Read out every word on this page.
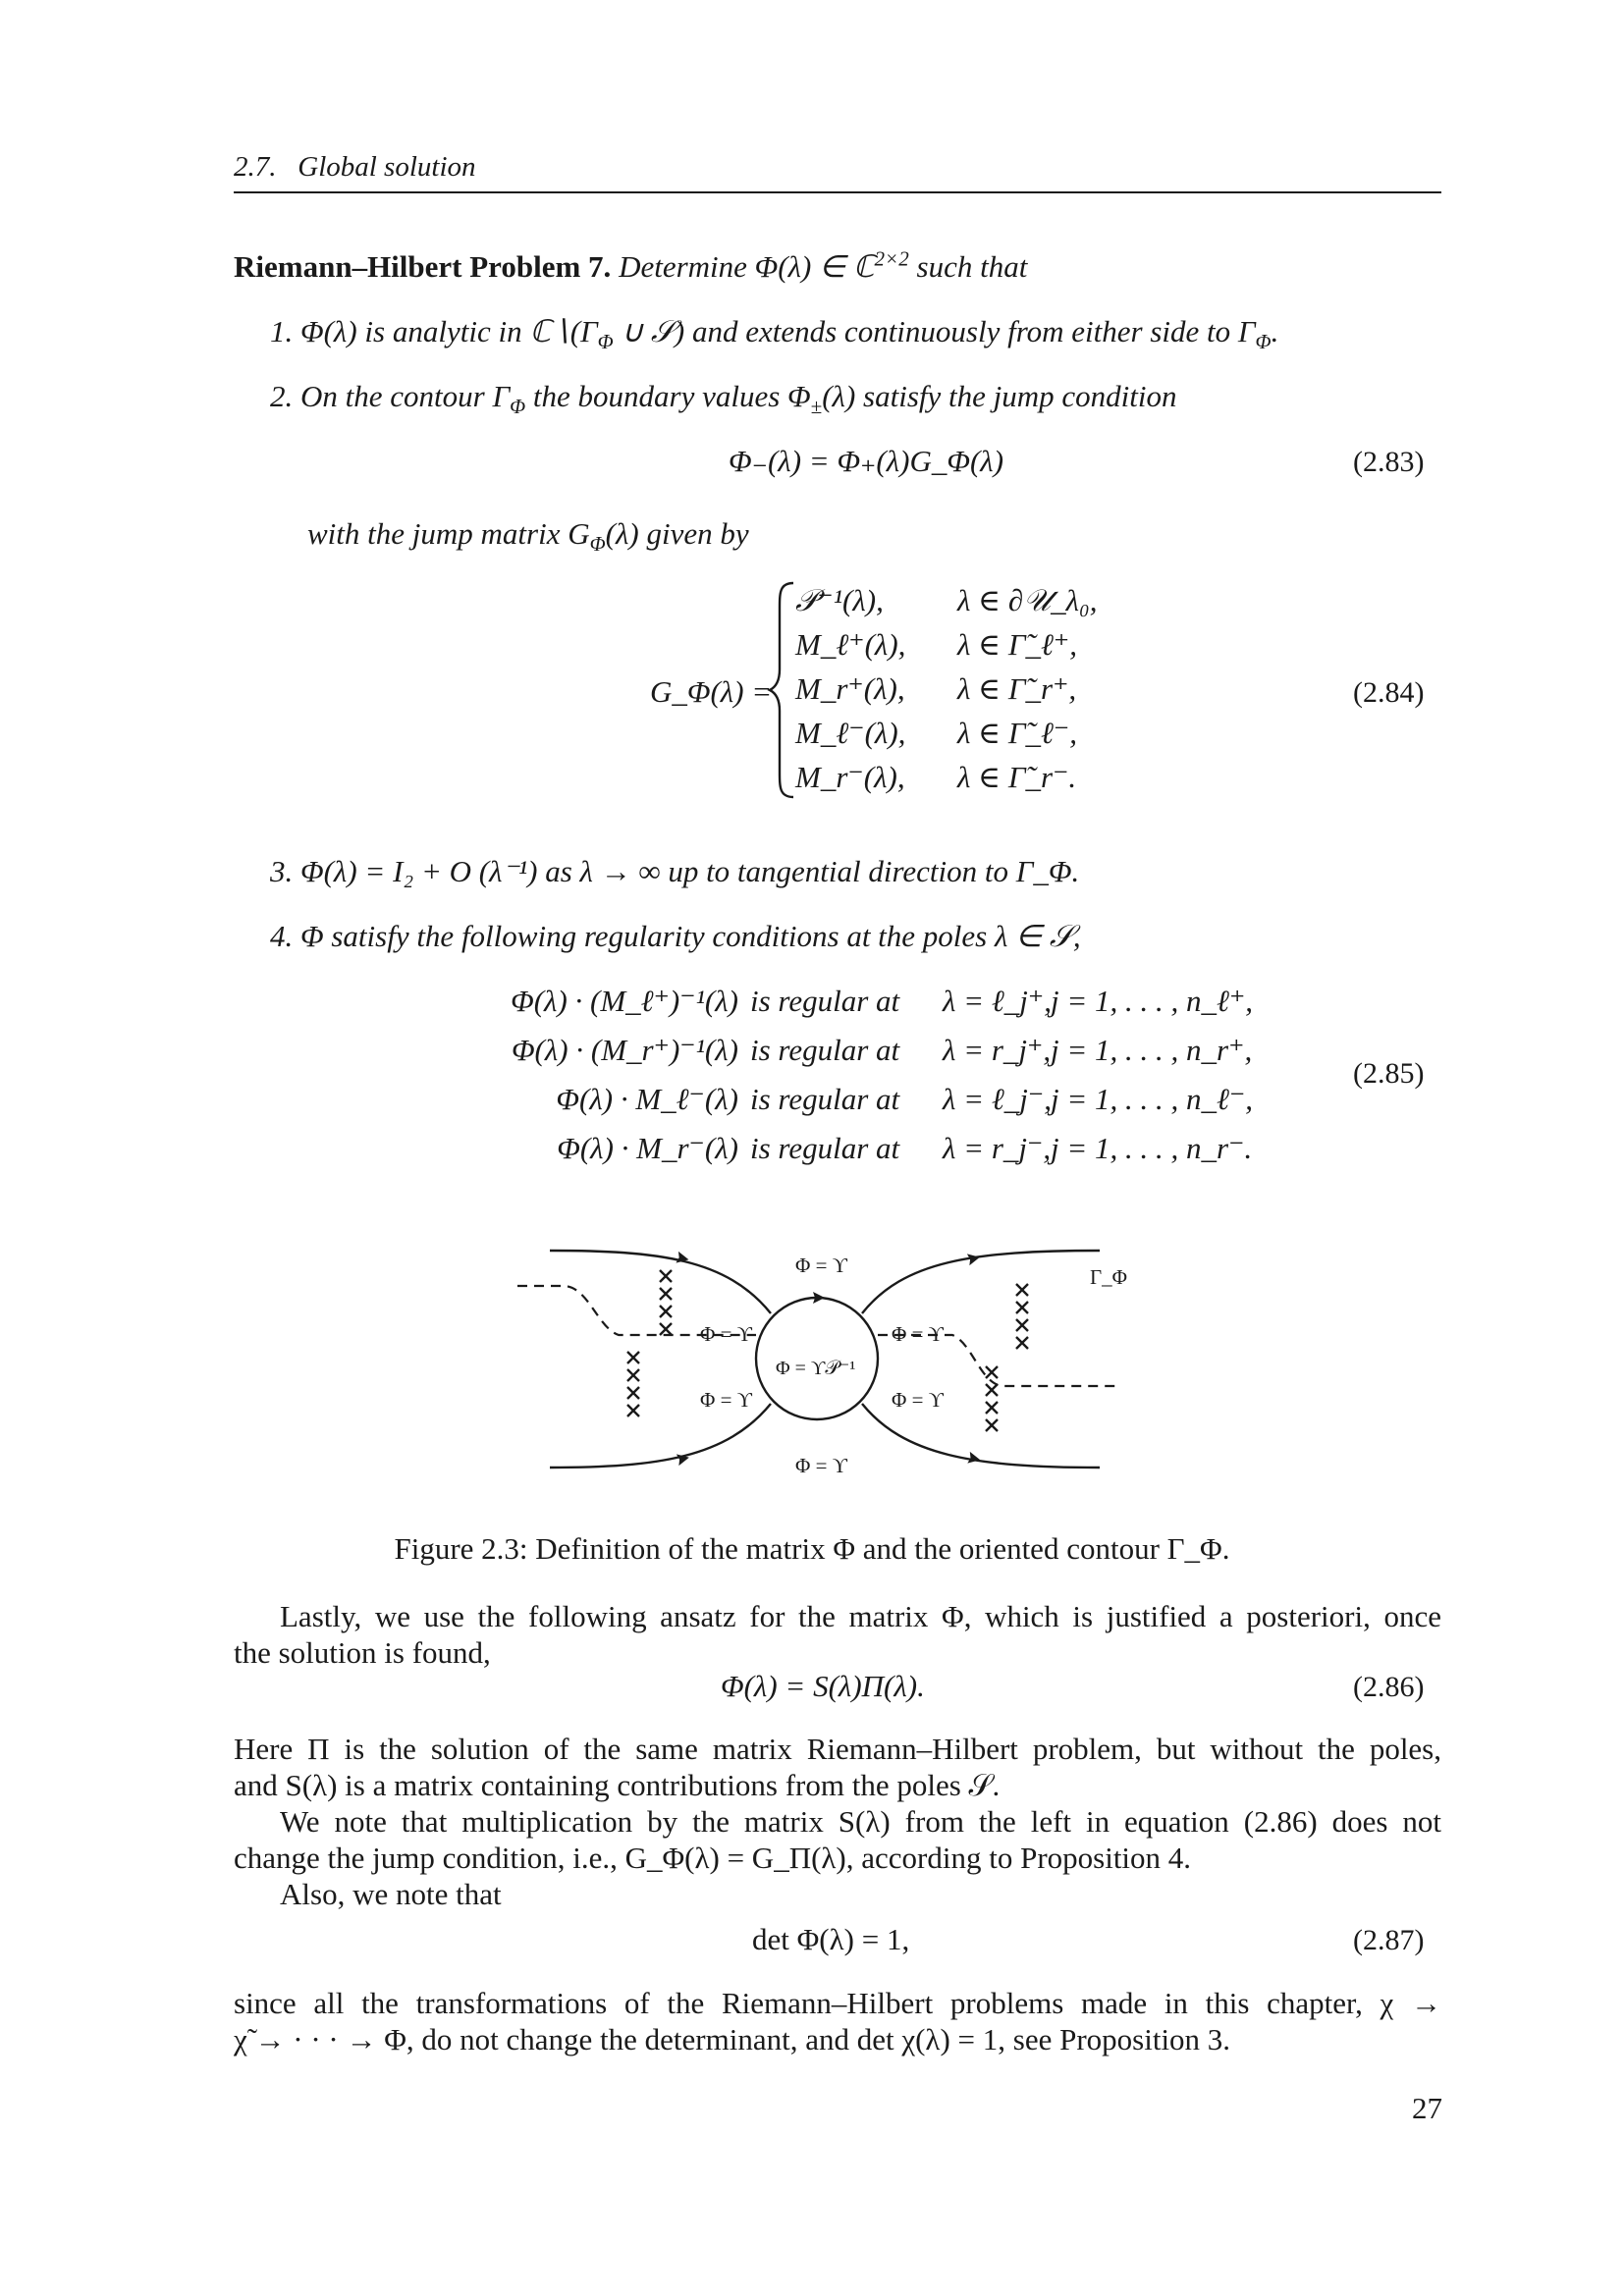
2.7.   Global solution
Riemann–Hilbert Problem 7. Determine Φ(λ) ∈ ℂ$^{2\times 2}$ such that
1. Φ(λ) is analytic in $ℂ∖(\Gamma_\Phi$ ∪ 𝒮) and extends continuously from either side to $\Gamma_\Phi$.
2. On the contour $\Gamma_\Phi$ the boundary values $\Phi_\pm(\lambda)$ satisfy the jump condition
Φ₋(λ) = Φ₊(λ)G_Φ(λ)	(2.83)
with the jump matrix $G_\Phi(\lambda)$ given by
G_Φ(λ) =
𝒫⁻¹(λ), λ ∈ ∂𝒰_λ₀,
M_ℓ⁺(λ), λ ∈ Γ̃_ℓ⁺,
M_r⁺(λ), λ ∈ Γ̃_r⁺,
M_ℓ⁻(λ), λ ∈ Γ̃_ℓ⁻,
M_r⁻(λ), λ ∈ Γ̃_r⁻.
(2.84)
3. Φ(λ) = I₂ + O (λ⁻¹) as λ → ∞ up to tangential direction to Γ_Φ.
4. Φ satisfy the following regularity conditions at the poles λ ∈ 𝒮,
Φ(λ) · (M_ℓ⁺)⁻¹(λ) is regular at λ = ℓ_j⁺, j = 1, . . . , n_ℓ⁺,
Φ(λ) · (M_r⁺)⁻¹(λ) is regular at λ = r_j⁺, j = 1, . . . , n_r⁺,
Φ(λ) · M_ℓ⁻(λ) is regular at λ = ℓ_j⁻, j = 1, . . . , n_ℓ⁻,
Φ(λ) · M_r⁻(λ) is regular at λ = r_j⁻, j = 1, . . . , n_r⁻.
(2.85)
Φ = ϒ
Φ = ϒ
Φ = ϒ
Φ = ϒ
Φ = ϒ
Φ = ϒ
Φ = ϒ𝒫⁻¹
Γ_Φ
Figure 2.3: Definition of the matrix Φ and the oriented contour Γ_Φ.
Lastly, we use the following ansatz for the matrix Φ, which is justified a posteriori, once
the solution is found,
Φ(λ) = S(λ)Π(λ).	(2.86)
Here Π is the solution of the same matrix Riemann–Hilbert problem, but without the poles,
and S(λ) is a matrix containing contributions from the poles 𝒮.
We note that multiplication by the matrix S(λ) from the left in equation (2.86) does not
change the jump condition, i.e., G_Φ(λ) = G_Π(λ), according to Proposition 4.
Also, we note that
det Φ(λ) = 1,	(2.87)
since all the transformations of the Riemann–Hilbert problems made in this chapter, χ →
χ̃ → · · · → Φ, do not change the determinant, and det χ(λ) = 1, see Proposition 3.
27
